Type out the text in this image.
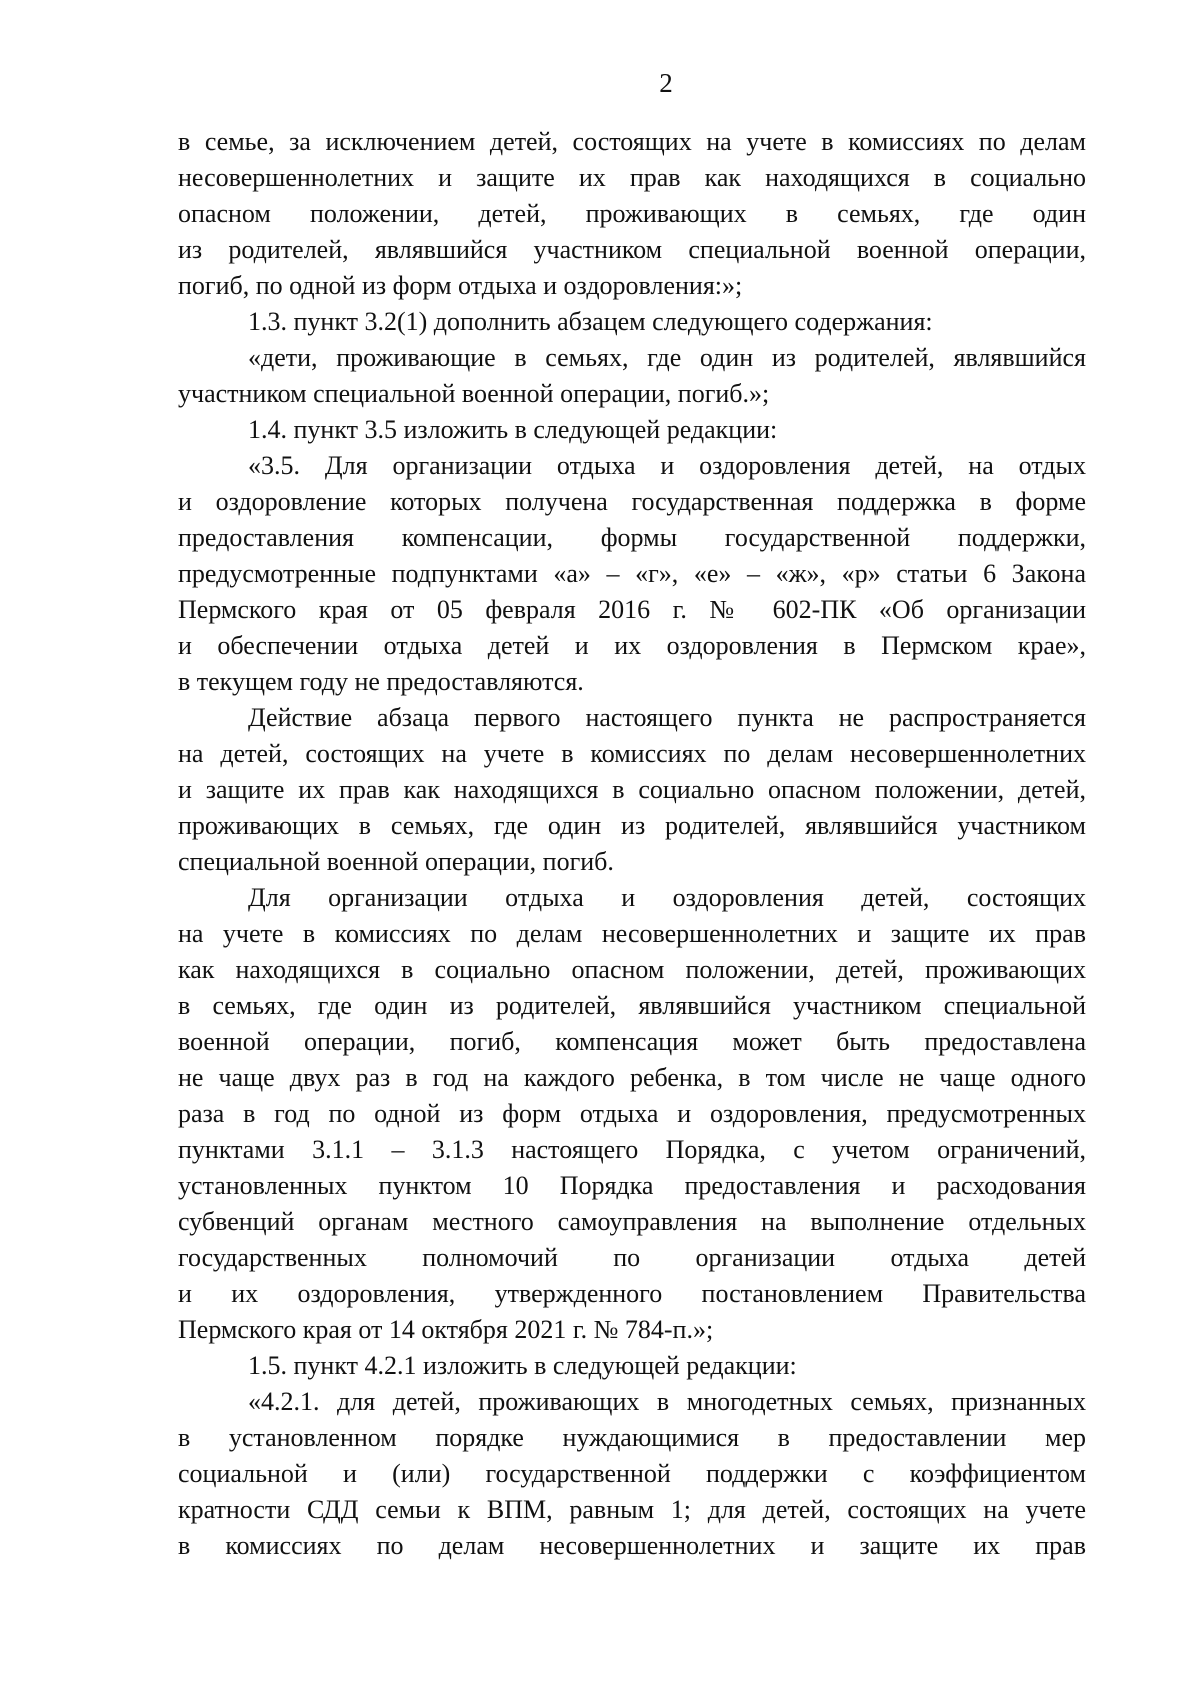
2

в семье, за исключением детей, состоящих на учете в комиссиях по делам
несовершеннолетних и защите их прав как находящихся в социально
опасном положении, детей, проживающих в семьях, где один
из родителей, являвшийся участником специальной военной операции,
погиб, по одной из форм отдыха и оздоровления:»;

1.3. пункт 3.2(1) дополнить абзацем следующего содержания:

«дети, проживающие в семьях, где один из родителей, являвшийся
участником специальной военной операции, погиб.»;

1.4. пункт 3.5 изложить в следующей редакции:

«3.5. Для организации отдыха и оздоровления детей, на отдых
и оздоровление которых получена государственная поддержка в форме
предоставления компенсации, формы государственной поддержки,
предусмотренные подпунктами «а» – «г», «е» – «ж», «р» статьи 6 Закона
Пермского края от 05 февраля 2016 г. № 602-ПК «Об организации
и обеспечении отдыха детей и их оздоровления в Пермском крае»,
в текущем году не предоставляются.

Действие абзаца первого настоящего пункта не распространяется
на детей, состоящих на учете в комиссиях по делам несовершеннолетних
и защите их прав как находящихся в социально опасном положении, детей,
проживающих в семьях, где один из родителей, являвшийся участником
специальной военной операции, погиб.

Для организации отдыха и оздоровления детей, состоящих
на учете в комиссиях по делам несовершеннолетних и защите их прав
как находящихся в социально опасном положении, детей, проживающих
в семьях, где один из родителей, являвшийся участником специальной
военной операции, погиб, компенсация может быть предоставлена
не чаще двух раз в год на каждого ребенка, в том числе не чаще одного
раза в год по одной из форм отдыха и оздоровления, предусмотренных
пунктами 3.1.1 – 3.1.3 настоящего Порядка, с учетом ограничений,
установленных пунктом 10 Порядка предоставления и расходования
субвенций органам местного самоуправления на выполнение отдельных
государственных полномочий по организации отдыха детей
и их оздоровления, утвержденного постановлением Правительства
Пермского края от 14 октября 2021 г. № 784-п.»;

1.5. пункт 4.2.1 изложить в следующей редакции:

«4.2.1. для детей, проживающих в многодетных семьях, признанных
в установленном порядке нуждающимися в предоставлении мер
социальной и (или) государственной поддержки с коэффициентом
кратности СДД семьи к ВПМ, равным 1; для детей, состоящих на учете
в комиссиях по делам несовершеннолетних и защите их прав
